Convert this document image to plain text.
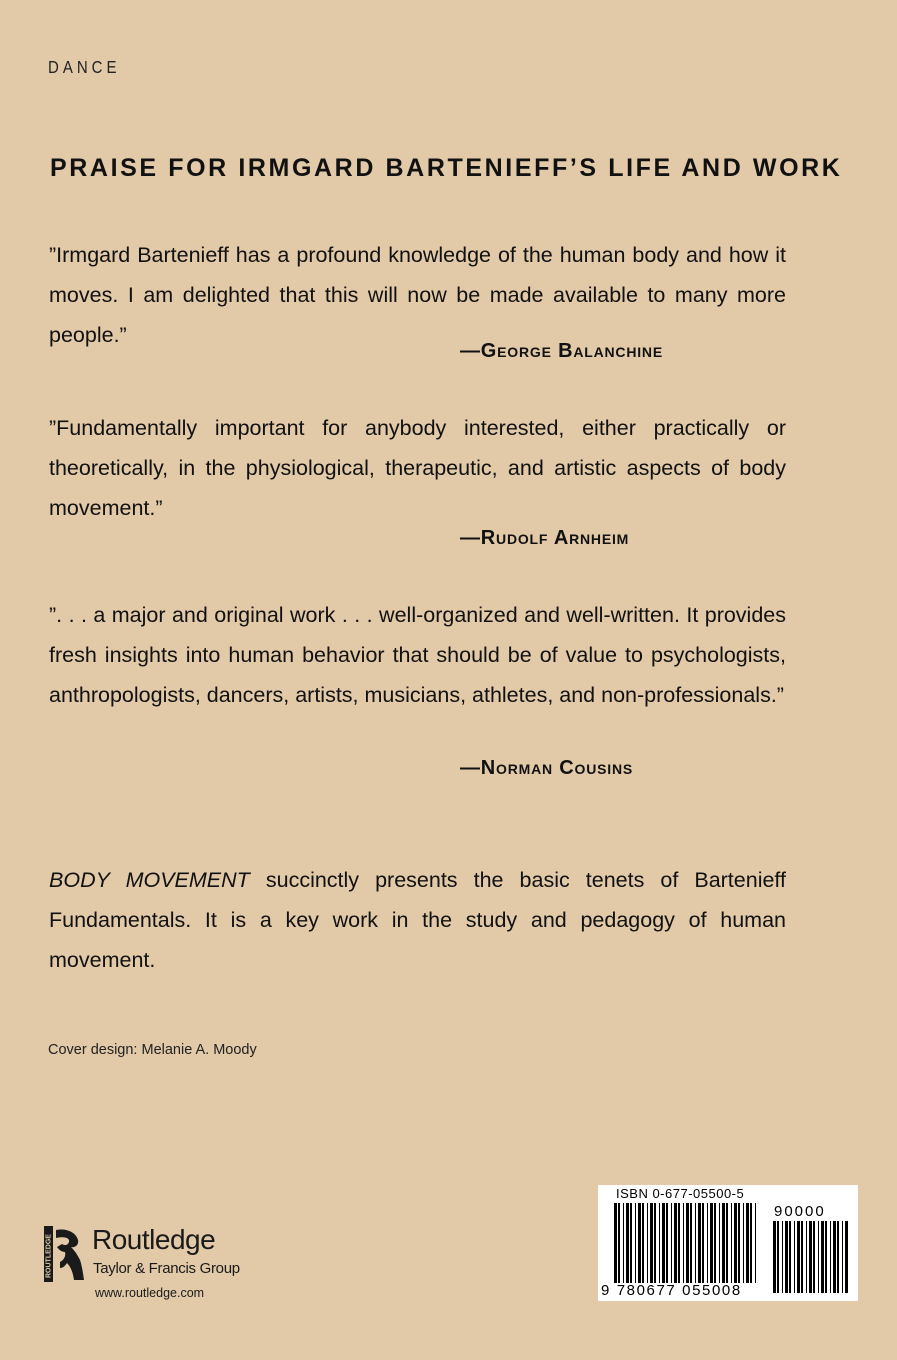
DANCE
PRAISE FOR IRMGARD BARTENIEFF’S LIFE AND WORK

”Irmgard Bartenieff has a profound knowledge of the human body and how it moves. I am delighted that this will now be made available to many more people.”

—George Balanchine

”Fundamentally important for anybody interested, either practically or theoretically, in the physiological, therapeutic, and artistic aspects of body movement.”

—Rudolf Arnheim

”. . . a major and original work . . . well-organized and well-written. It provides fresh insights into human behavior that should be of value to psychologists, anthropologists, dancers, artists, musicians, athletes, and non-professionals.”

—Norman Cousins

BODY MOVEMENT succinctly presents the basic tenets of Bartenieff Fundamentals. It is a key work in the study and pedagogy of human movement.

Cover design: Melanie A. Moody
ROUTLEDGE Routledge
Taylor & Francis Group
www.routledge.com
ISBN 0-677-05500-5
9 780677 055008
90000
